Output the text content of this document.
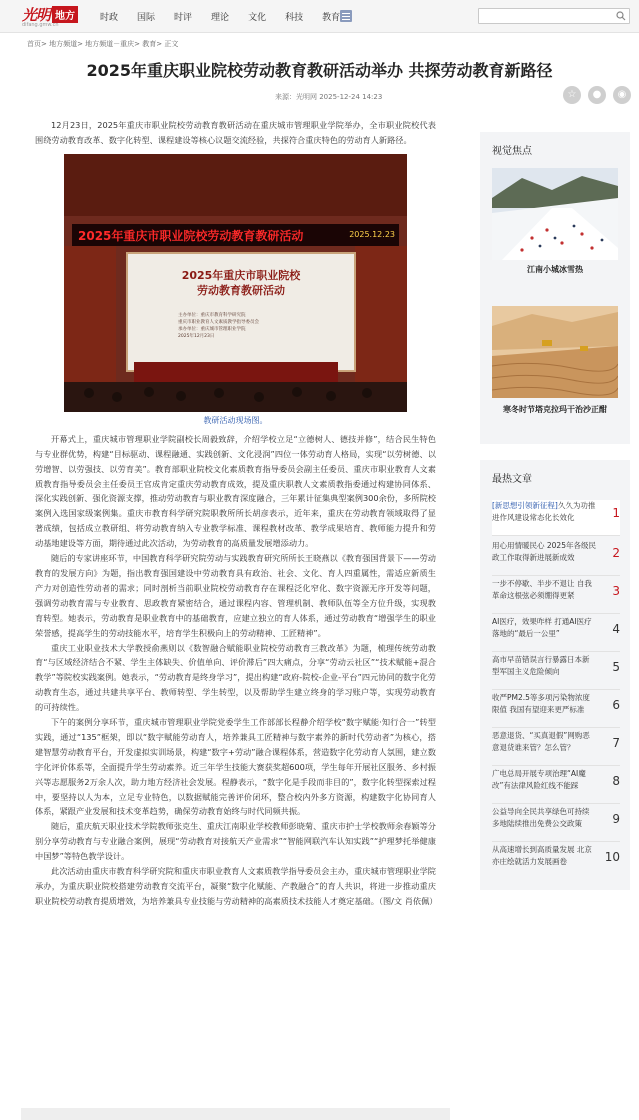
光明 地方
difang.gmw.cn
时政 国际 时评 理论 文化 科技 教育
首页> 地方频道> 地方频道－重庆> 教育> 正文
2025年重庆职业院校劳动教育教研活动举办 共探劳动教育新路径
来源：光明网 2025-12-24 14:23	☆	●	◉

12月23日，2025年重庆市职业院校劳动教育教研活动在重庆城市管理职业学院举办，全市职业院校代表围绕劳动教育改革、数字化转型、课程建设等核心议题交流经验，共探符合重庆特色的劳动育人新路径。

2025年重庆市职业院校劳动教育教研活动	2025.12.23
2025年重庆市职业院校
劳动教育教研活动
主办单位：重庆市教育科学研究院
重庆市职业教育人文素质教学指导委员会
承办单位：重庆城市管理职业学院
2025年12月23日
教研活动现场图。

开幕式上，重庆城市管理职业学院副校长周毅致辞，介绍学校立足“立德树人、德技并修”，结合民生特色与专业群优势，构建“目标驱动、课程融通、实践创新、文化浸润”四位一体劳动育人格局，实现“以劳树德、以劳增智、以劳强技、以劳育美”。教育部职业院校文化素质教育指导委员会副主任委员、重庆市职业教育人文素质教育指导委员会主任委员王官成肯定重庆劳动教育成效，提及重庆职教人文素质教指委通过构建协同体系、深化实践创新、强化资源支撑，推动劳动教育与职业教育深度融合，三年累计征集典型案例300余份，多所院校案例入选国家级案例集。重庆市教育科学研究院职教所所长胡彦表示，近年来，重庆在劳动教育领域取得了显著成绩，包括成立教研组、将劳动教育纳入专业教学标准、课程教材改革、教学成果培育、教师能力提升和劳动基地建设等方面，期待通过此次活动，为劳动教育的高质量发展增添动力。

随后的专家讲座环节，中国教育科学研究院劳动与实践教育研究所所长王晓燕以《教育强国背景下——劳动教育的发展方向》为题，指出教育强国建设中劳动教育具有政治、社会、文化、育人四重属性，需适应新质生产力对创造性劳动者的需求；同时剖析当前职业院校劳动教育存在课程泛化窄化、数字资源无序开发等问题，强调劳动教育需与专业教育、思政教育紧密结合，通过课程内容、管理机制、教师队伍等全方位升级，实现教育转型。她表示，劳动教育是职业教育中的基础教育，应建立独立的育人体系，通过劳动教育“增强学生的职业荣誉感，提高学生的劳动技能水平，培育学生积极向上的劳动精神、工匠精神”。

重庆工业职业技术大学教授俞燕则以《数智融合赋能职业院校劳动教育三教改革》为题，梳理传统劳动教育“与区域经济结合不紧、学生主体缺失、价值单向、评价滞后”四大痛点，分享“劳动云社区”“技术赋能+混合教学”等院校实践案例。她表示，“劳动教育是终身学习”，提出构建“政府-院校-企业-平台”四元协同的数字化劳动教育生态，通过共建共享平台、教师转型、学生转型，以及帮助学生建立终身的学习账户等，实现劳动教育的可持续性。

下午的案例分享环节，重庆城市管理职业学院党委学生工作部部长程静介绍学校“数字赋能·知行合一”转型实践，通过“135”框架，即以“数字赋能劳动育人，培养兼具工匠精神与数字素养的新时代劳动者”为核心，搭建智慧劳动教育平台，开发虚拟实训场景，构建“数字+劳动”融合课程体系，营造数字化劳动育人氛围，建立数字化评价体系等，全面提升学生劳动素养。近三年学生技能大赛获奖超600项，学生每年开展社区服务、乡村振兴等志愿服务2万余人次，助力地方经济社会发展。程静表示，“数字化是手段而非目的”，数字化转型探索过程中，要坚持以人为本，立足专业特色，以数据赋能完善评价闭环，整合校内外多方资源，构建数字化协同育人体系，紧跟产业发展和技术变革趋势，确保劳动教育始终与时代同频共振。

随后，重庆航天职业技术学院教师张克生、重庆江南职业学校教师彭晓菊、重庆市护士学校教师余春颖等分别分享劳动教育与专业融合案例，展现“劳动教育对接航天产业需求”“智能网联汽车认知实践”“护理梦托举健康中国梦”等特色教学设计。

此次活动由重庆市教育科学研究院和重庆市职业教育人文素质教学指导委员会主办，重庆城市管理职业学院承办，为重庆职业院校搭建劳动教育交流平台，凝聚“数字化赋能、产教融合”的育人共识，将进一步推动重庆职业院校劳动教育提质增效，为培养兼具专业技能与劳动精神的高素质技术技能人才奠定基础。（图/文 肖依佩）

视觉焦点
江南小城冰雪热
寒冬时节塔克拉玛干治沙正酣
最热文章
[新思想引领新征程]久久为功推进作风建设常态化长效化	1
用心用情暖民心 2025年各级民政工作取得新进展新成效	2
一步不停歇、半步不退让 自我革命这根弦必须绷得更紧	3
AI医疗，效果咋样 打通AI医疗落地的“最后一公里”	4
高市早苗错误言行暴露日本新型军国主义危险倾向	5
收严PM2.5等多项污染物浓度限值 我国有望迎来更严标准	6
恶意退货、“买真退假”网购恶意退货谁来管？怎么管？	7
广电总局开展专项治理“AI魔改”有法律风险红线不能踩	8
公益导向全民共享绿色可持续 多地陆续推出免费公交政策	9
从高速增长到高质量发展 北京亦庄绘就活力发展画卷	10
